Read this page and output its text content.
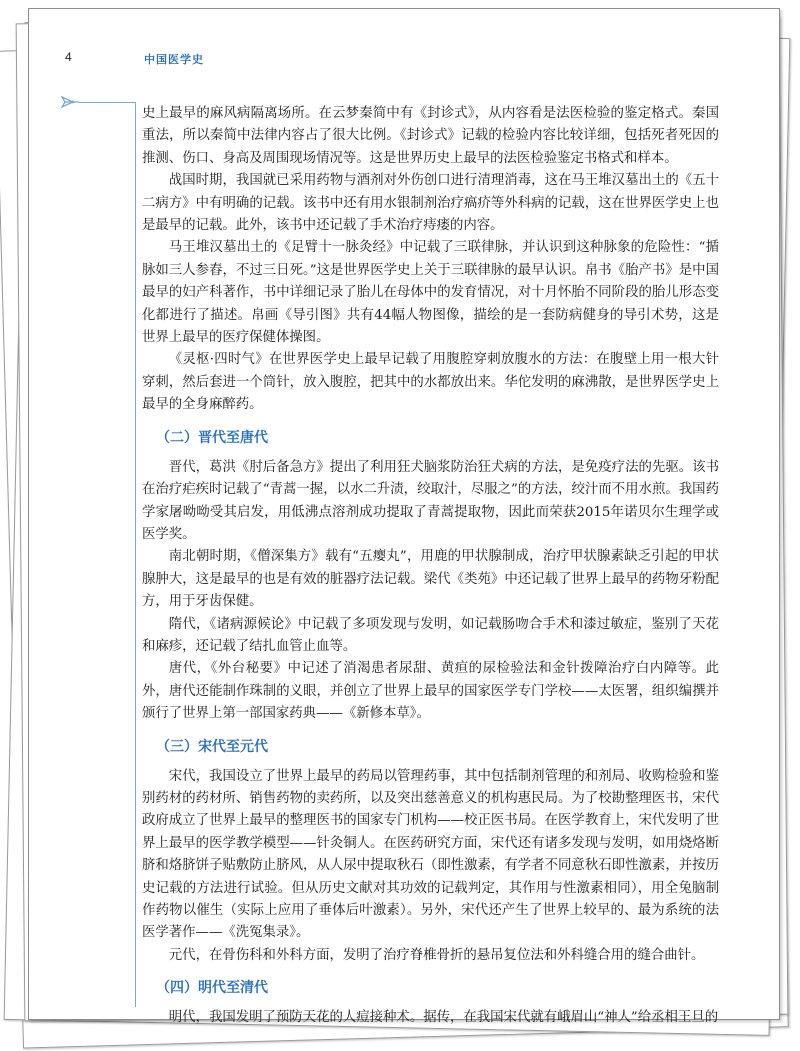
4	中国医学史

史上最早的麻风病隔离场所。在云梦秦简中有《封诊式》，从内容看是法医检验的鉴定格式。秦国重法，所以秦简中法律内容占了很大比例。《封诊式》记载的检验内容比较详细，包括死者死因的推测、伤口、身高及周围现场情况等。这是世界历史上最早的法医检验鉴定书格式和样本。

战国时期，我国就已采用药物与酒剂对外伤创口进行清理消毒，这在马王堆汉墓出土的《五十二病方》中有明确的记载。该书中还有用水银制剂治疗瘑疥等外科病的记载，这在世界医学史上也是最早的记载。此外，该书中还记载了手术治疗痔瘘的内容。

马王堆汉墓出土的《足臂十一脉灸经》中记载了三联律脉，并认识到这种脉象的危险性：“揗脉如三人参舂，不过三日死。”这是世界医学史上关于三联律脉的最早认识。帛书《胎产书》是中国最早的妇产科著作，书中详细记录了胎儿在母体中的发育情况，对十月怀胎不同阶段的胎儿形态变化都进行了描述。帛画《导引图》共有44幅人物图像，描绘的是一套防病健身的导引术势，这是世界上最早的医疗保健体操图。

《灵枢·四时气》在世界医学史上最早记载了用腹腔穿刺放腹水的方法：在腹壁上用一根大针穿刺，然后套进一个筒针，放入腹腔，把其中的水都放出来。华佗发明的麻沸散，是世界医学史上最早的全身麻醉药。

（二）晋代至唐代

晋代，葛洪《肘后备急方》提出了利用狂犬脑浆防治狂犬病的方法，是免疫疗法的先驱。该书在治疗疟疾时记载了“青蒿一握，以水二升渍，绞取汁，尽服之”的方法，绞汁而不用水煎。我国药学家屠呦呦受其启发，用低沸点溶剂成功提取了青蒿提取物，因此而荣获2015年诺贝尔生理学或医学奖。

南北朝时期，《僧深集方》载有“五瘿丸”，用鹿的甲状腺制成，治疗甲状腺素缺乏引起的甲状腺肿大，这是最早的也是有效的脏器疗法记载。梁代《类苑》中还记载了世界上最早的药物牙粉配方，用于牙齿保健。

隋代，《诸病源候论》中记载了多项发现与发明，如记载肠吻合手术和漆过敏症，鉴别了天花和麻疹，还记载了结扎血管止血等。

唐代，《外台秘要》中记述了消渴患者尿甜、黄疸的尿检验法和金针拨障治疗白内障等。此外，唐代还能制作珠制的义眼，并创立了世界上最早的国家医学专门学校——太医署，组织编撰并颁行了世界上第一部国家药典——《新修本草》。

（三）宋代至元代

宋代，我国设立了世界上最早的药局以管理药事，其中包括制剂管理的和剂局、收购检验和鉴别药材的药材所、销售药物的卖药所，以及突出慈善意义的机构惠民局。为了校勘整理医书，宋代政府成立了世界上最早的整理医书的国家专门机构——校正医书局。在医学教育上，宋代发明了世界上最早的医学教学模型——针灸铜人。在医药研究方面，宋代还有诸多发现与发明，如用烧烙断脐和烙脐饼子贴敷防止脐风，从人尿中提取秋石（即性激素，有学者不同意秋石即性激素，并按历史记载的方法进行试验。但从历史文献对其功效的记载判定，其作用与性激素相同），用全兔脑制作药物以催生（实际上应用了垂体后叶激素）。另外，宋代还产生了世界上较早的、最为系统的法医学著作——《洗冤集录》。

元代，在骨伤科和外科方面，发明了治疗脊椎骨折的悬吊复位法和外科缝合用的缝合曲针。

（四）明代至清代

明代，我国发明了预防天花的人痘接种术。据传，在我国宋代就有峨眉山“神人”给丞相王旦的
